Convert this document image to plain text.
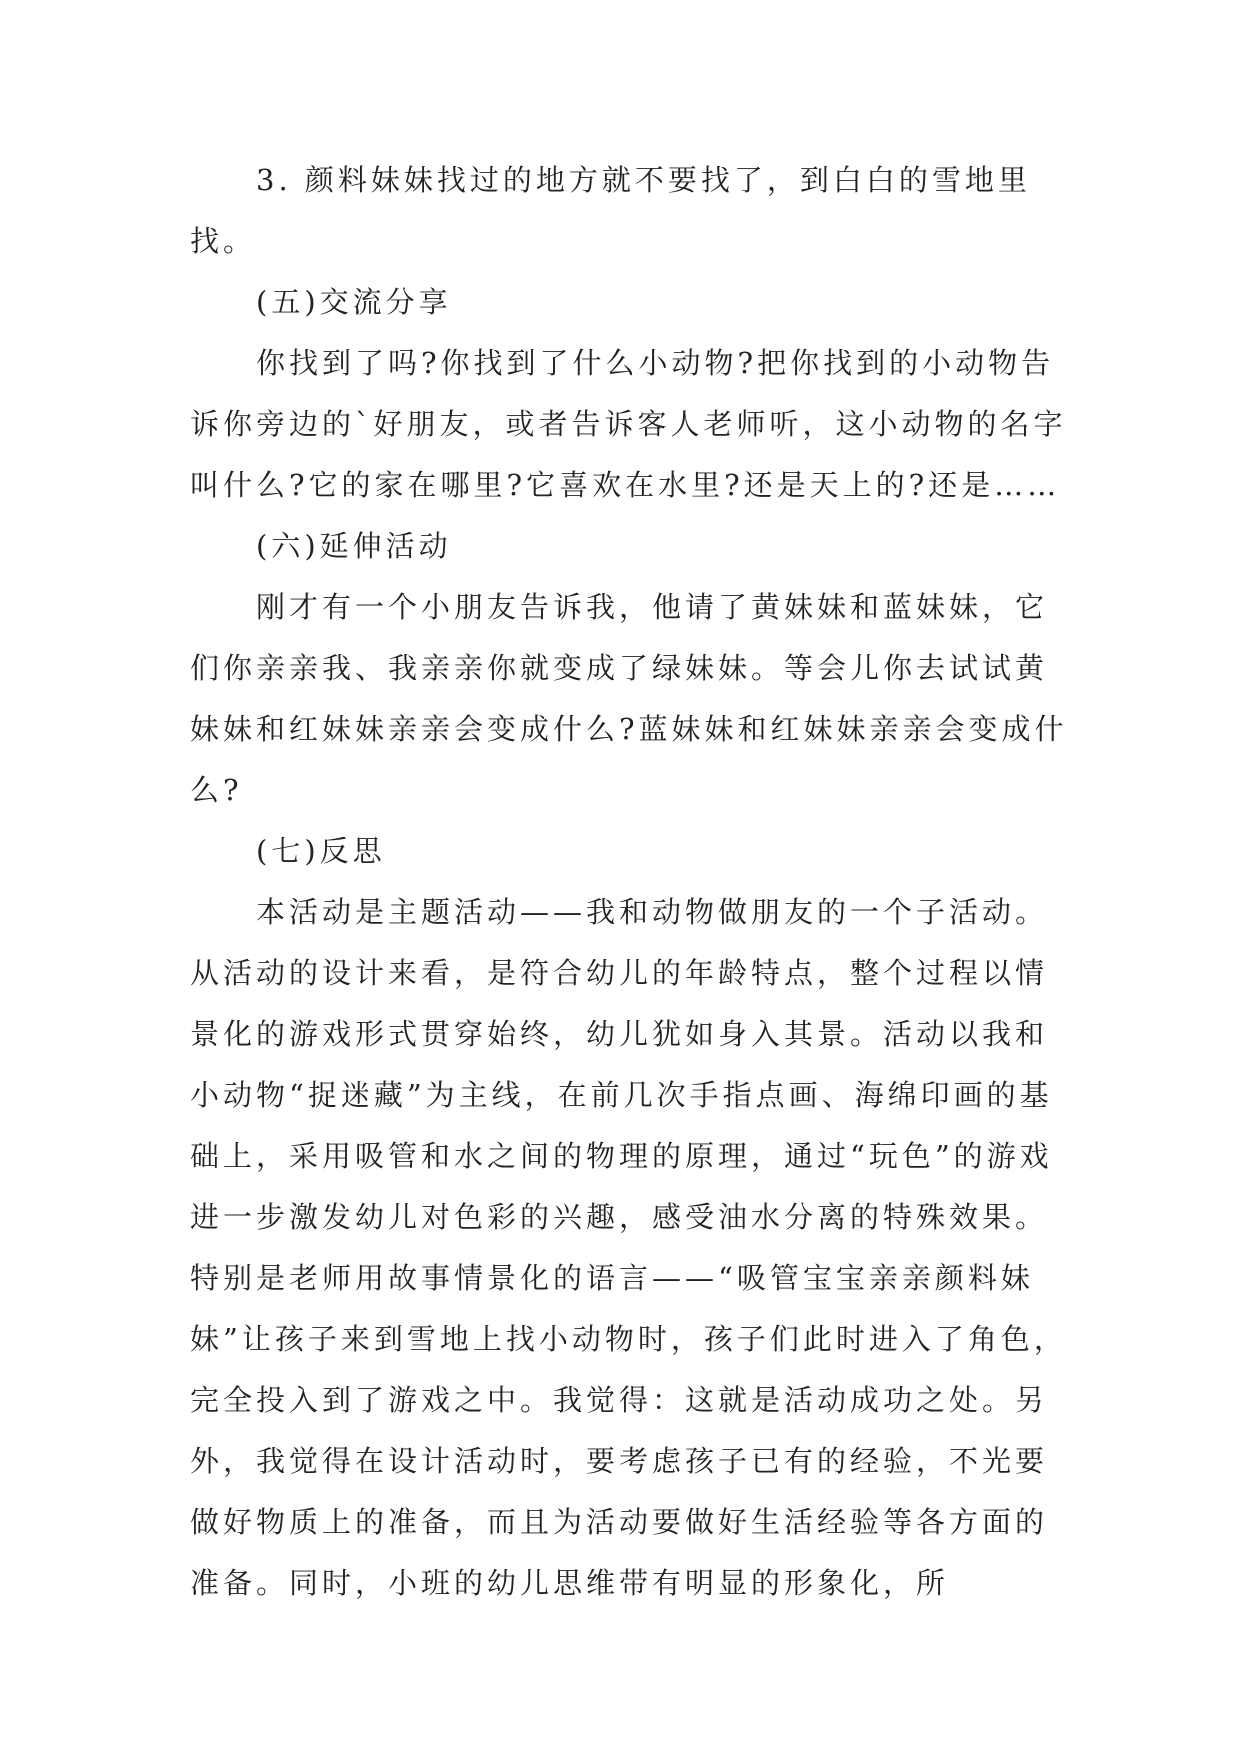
3. 颜料妹妹找过的地方就不要找了，到白白的雪地里找。

(五)交流分享

你找到了吗?你找到了什么小动物?把你找到的小动物告诉你旁边的`好朋友，或者告诉客人老师听，这小动物的名字叫什么?它的家在哪里?它喜欢在水里?还是天上的?还是……

(六)延伸活动

刚才有一个小朋友告诉我，他请了黄妹妹和蓝妹妹，它们你亲亲我、我亲亲你就变成了绿妹妹。等会儿你去试试黄妹妹和红妹妹亲亲会变成什么?蓝妹妹和红妹妹亲亲会变成什么?

(七)反思

本活动是主题活动——我和动物做朋友的一个子活动。从活动的设计来看，是符合幼儿的年龄特点，整个过程以情景化的游戏形式贯穿始终，幼儿犹如身入其景。活动以我和小动物“捉迷藏”为主线，在前几次手指点画、海绵印画的基础上，采用吸管和水之间的物理的原理，通过“玩色”的游戏进一步激发幼儿对色彩的兴趣，感受油水分离的特殊效果。特别是老师用故事情景化的语言——“吸管宝宝亲亲颜料妹妹”让孩子来到雪地上找小动物时，孩子们此时进入了角色，完全投入到了游戏之中。我觉得：这就是活动成功之处。另外，我觉得在设计活动时，要考虑孩子已有的经验，不光要做好物质上的准备，而且为活动要做好生活经验等各方面的准备。同时，小班的幼儿思维带有明显的形象化，所
